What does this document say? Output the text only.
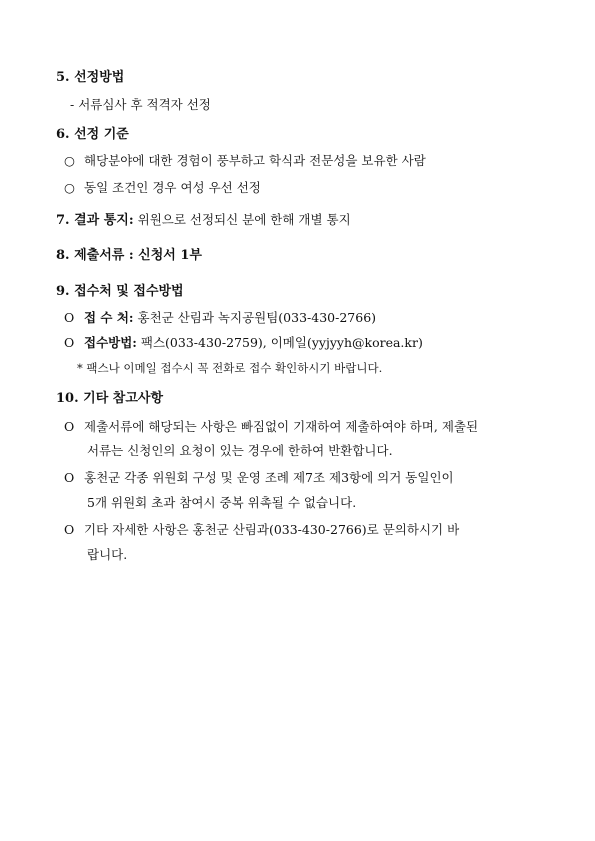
5. 선정방법
- 서류심사 후 적격자 선정
6. 선정 기준
○ 해당분야에 대한 경험이 풍부하고 학식과 전문성을 보유한 사람
○ 동일 조건인 경우 여성 우선 선정
7. 결과 통지: 위원으로 선정되신 분에 한해 개별 통지
8. 제출서류 : 신청서 1부
9. 접수처 및 접수방법
O 접 수 처: 홍천군 산림과 녹지공원팀(033-430-2766)
O 접수방법: 팩스(033-430-2759), 이메일(yyjyyh@korea.kr)
* 팩스나 이메일 접수시 꼭 전화로 접수 확인하시기 바랍니다.
10. 기타 참고사항
O 제출서류에 해당되는 사항은 빠짐없이 기재하여 제출하여야 하며, 제출된
서류는 신청인의 요청이 있는 경우에 한하여 반환합니다.
O 홍천군 각종 위원회 구성 및 운영 조례 제7조 제3항에 의거 동일인이
5개 위원회 초과 참여시 중복 위촉될 수 없습니다.
O 기타 자세한 사항은 홍천군 산림과(033-430-2766)로 문의하시기 바
랍니다.
